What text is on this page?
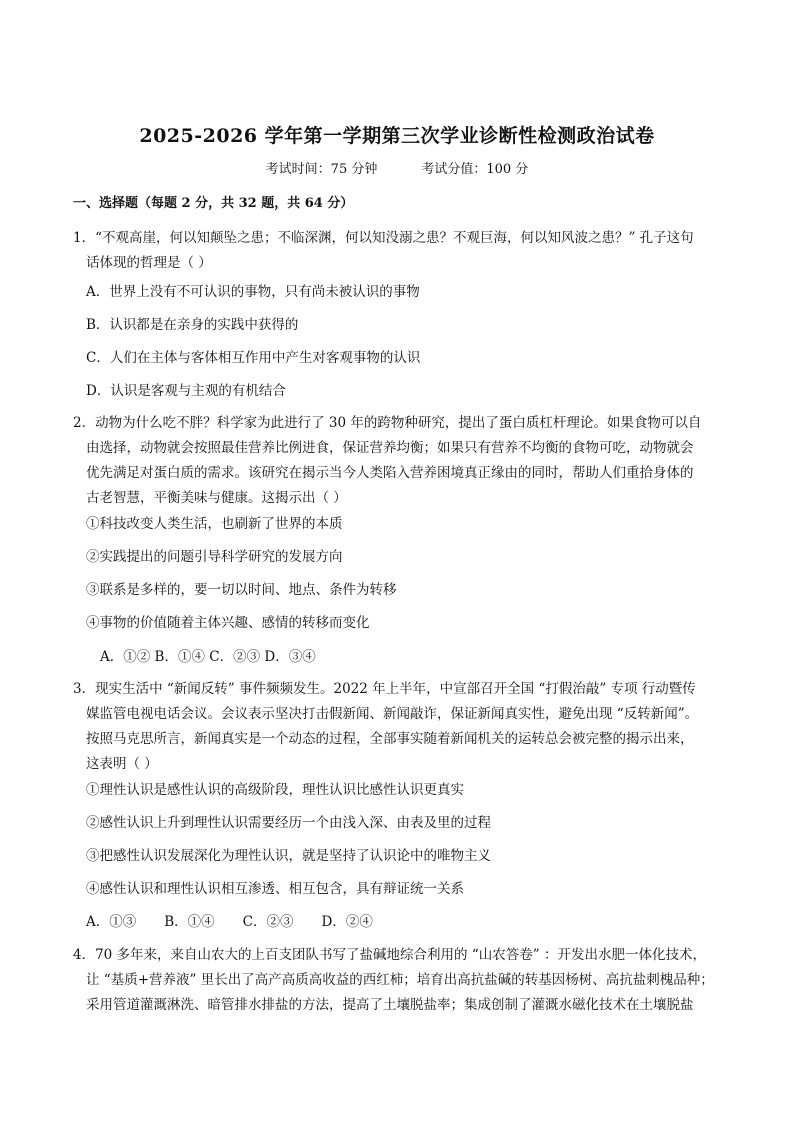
2025-2026 学年第一学期第三次学业诊断性检测政治试卷
考试时间：75 分钟	考试分值：100 分
一、选择题（每题 2 分，共 32 题，共 64 分）

1．“不观高崖，何以知颠坠之患；不临深渊，何以知没溺之患？不观巨海，何以知风波之患？” 孔子这句

话体现的哲理是（ ）

A．世界上没有不可认识的事物，只有尚未被认识的事物
B．认识都是在亲身的实践中获得的
C．人们在主体与客体相互作用中产生对客观事物的认识
D．认识是客观与主观的有机结合

2．动物为什么吃不胖？科学家为此进行了 30 年的跨物种研究，提出了蛋白质杠杆理论。如果食物可以自

由选择，动物就会按照最佳营养比例进食，保证营养均衡；如果只有营养不均衡的食物可吃，动物就会

优先满足对蛋白质的需求。该研究在揭示当今人类陷入营养困境真正缘由的同时，帮助人们重拾身体的

古老智慧，平衡美味与健康。这揭示出（ ）

①科技改变人类生活，也刷新了世界的本质
②实践提出的问题引导科学研究的发展方向
③联系是多样的，要一切以时间、地点、条件为转移
④事物的价值随着主体兴趣、感情的转移而变化
A．①② B．①④ C．②③ D．③④

3．现实生活中 “新闻反转” 事件频频发生。2022 年上半年，中宣部召开全国 “打假治敲” 专项 行动暨传

媒监管电视电话会议。会议表示坚决打击假新闻、新闻敲诈，保证新闻真实性，避免出现 “反转新闻”。

按照马克思所言，新闻真实是一个动态的过程，全部事实随着新闻机关的运转总会被完整的揭示出来，

这表明（ ）

①理性认识是感性认识的高级阶段，理性认识比感性认识更真实
②感性认识上升到理性认识需要经历一个由浅入深、由表及里的过程
③把感性认识发展深化为理性认识，就是坚持了认识论中的唯物主义
④感性认识和理性认识相互渗透、相互包含，具有辩证统一关系
A．①③ B．①④ C．②③ D．②④

4．70 多年来，来自山农大的上百支团队书写了盐碱地综合利用的 “山农答卷” ：开发出水肥一体化技术，

让 “基质+营养液” 里长出了高产高质高收益的西红柿；培育出高抗盐碱的转基因杨树、高抗盐刺槐品种；

采用管道灌溉淋洗、暗管排水排盐的方法，提高了土壤脱盐率；集成创制了灌溉水磁化技术在土壤脱盐
